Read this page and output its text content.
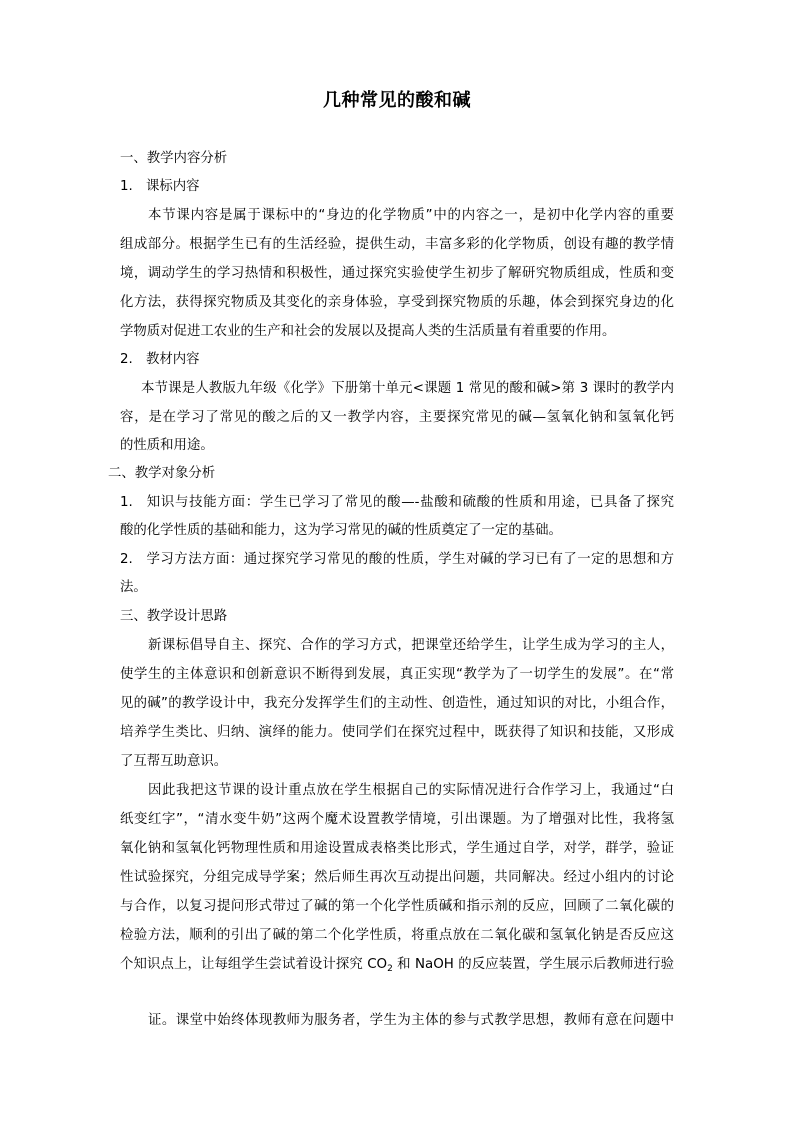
几种常见的酸和碱
一、教学内容分析
1. 课标内容
本节课内容是属于课标中的“身边的化学物质”中的内容之一，是初中化学内容的重要
组成部分。根据学生已有的生活经验，提供生动，丰富多彩的化学物质，创设有趣的教学情
境，调动学生的学习热情和积极性，通过探究实验使学生初步了解研究物质组成，性质和变
化方法，获得探究物质及其变化的亲身体验，享受到探究物质的乐趣，体会到探究身边的化
学物质对促进工农业的生产和社会的发展以及提高人类的生活质量有着重要的作用。
2. 教材内容
本节课是人教版九年级《化学》下册第十单元<课题 1 常见的酸和碱>第 3 课时的教学内
容，是在学习了常见的酸之后的又一教学内容，主要探究常见的碱—氢氧化钠和氢氧化钙
的性质和用途。
二、教学对象分析
1. 知识与技能方面：学生已学习了常见的酸—-盐酸和硫酸的性质和用途，已具备了探究
酸的化学性质的基础和能力，这为学习常见的碱的性质奠定了一定的基础。
2. 学习方法方面：通过探究学习常见的酸的性质，学生对碱的学习已有了一定的思想和方
法。
三、教学设计思路
新课标倡导自主、探究、合作的学习方式，把课堂还给学生，让学生成为学习的主人，
使学生的主体意识和创新意识不断得到发展，真正实现“教学为了一切学生的发展”。在“常
见的碱”的教学设计中，我充分发挥学生们的主动性、创造性，通过知识的对比，小组合作，
培养学生类比、归纳、演绎的能力。使同学们在探究过程中，既获得了知识和技能，又形成
了互帮互助意识。
因此我把这节课的设计重点放在学生根据自己的实际情况进行合作学习上，我通过“白
纸变红字”，“清水变牛奶”这两个魔术设置教学情境，引出课题。为了增强对比性，我将氢
氧化钠和氢氧化钙物理性质和用途设置成表格类比形式，学生通过自学，对学，群学，验证
性试验探究，分组完成导学案；然后师生再次互动提出问题，共同解决。经过小组内的讨论
与合作，以复习提问形式带过了碱的第一个化学性质碱和指示剂的反应，回顾了二氧化碳的
检验方法，顺利的引出了碱的第二个化学性质，将重点放在二氧化碳和氢氧化钠是否反应这
个知识点上，让每组学生尝试着设计探究 $CO_2$ 和 NaOH 的反应装置，学生展示后教师进行验
证。课堂中始终体现教师为服务者，学生为主体的参与式教学思想，教师有意在问题中
